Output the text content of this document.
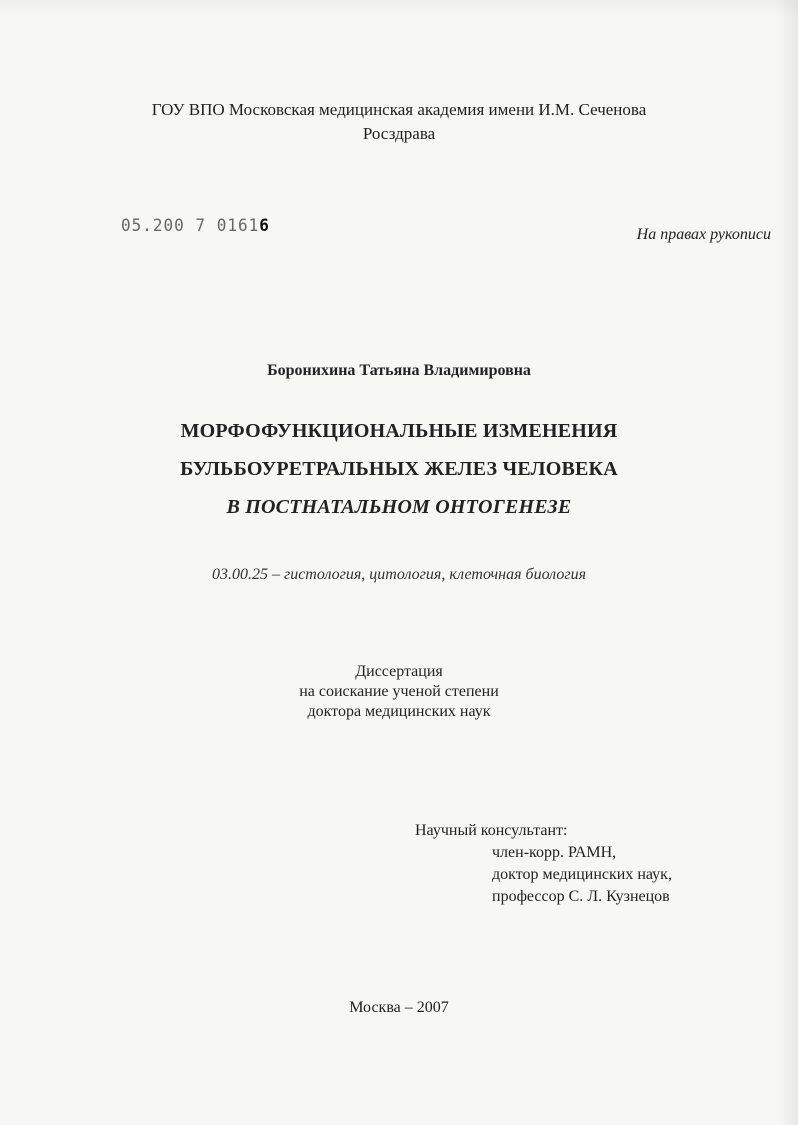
ГОУ ВПО Московская медицинская академия имени И.М. Сеченова
Росздрава
05.200 7 01616	На правах рукописи
Боронихина Татьяна Владимировна
МОРФОФУНКЦИОНАЛЬНЫЕ ИЗМЕНЕНИЯ
БУЛЬБОУРЕТРАЛЬНЫХ ЖЕЛЕЗ ЧЕЛОВЕКА
В ПОСТНАТАЛЬНОМ ОНТОГЕНЕЗЕ
03.00.25 – гистология, цитология, клеточная биология
Диссертация
на соискание ученой степени
доктора медицинских наук
Научный консультант:
член-корр. РАМН,
доктор медицинских наук,
профессор С. Л. Кузнецов
Москва – 2007
